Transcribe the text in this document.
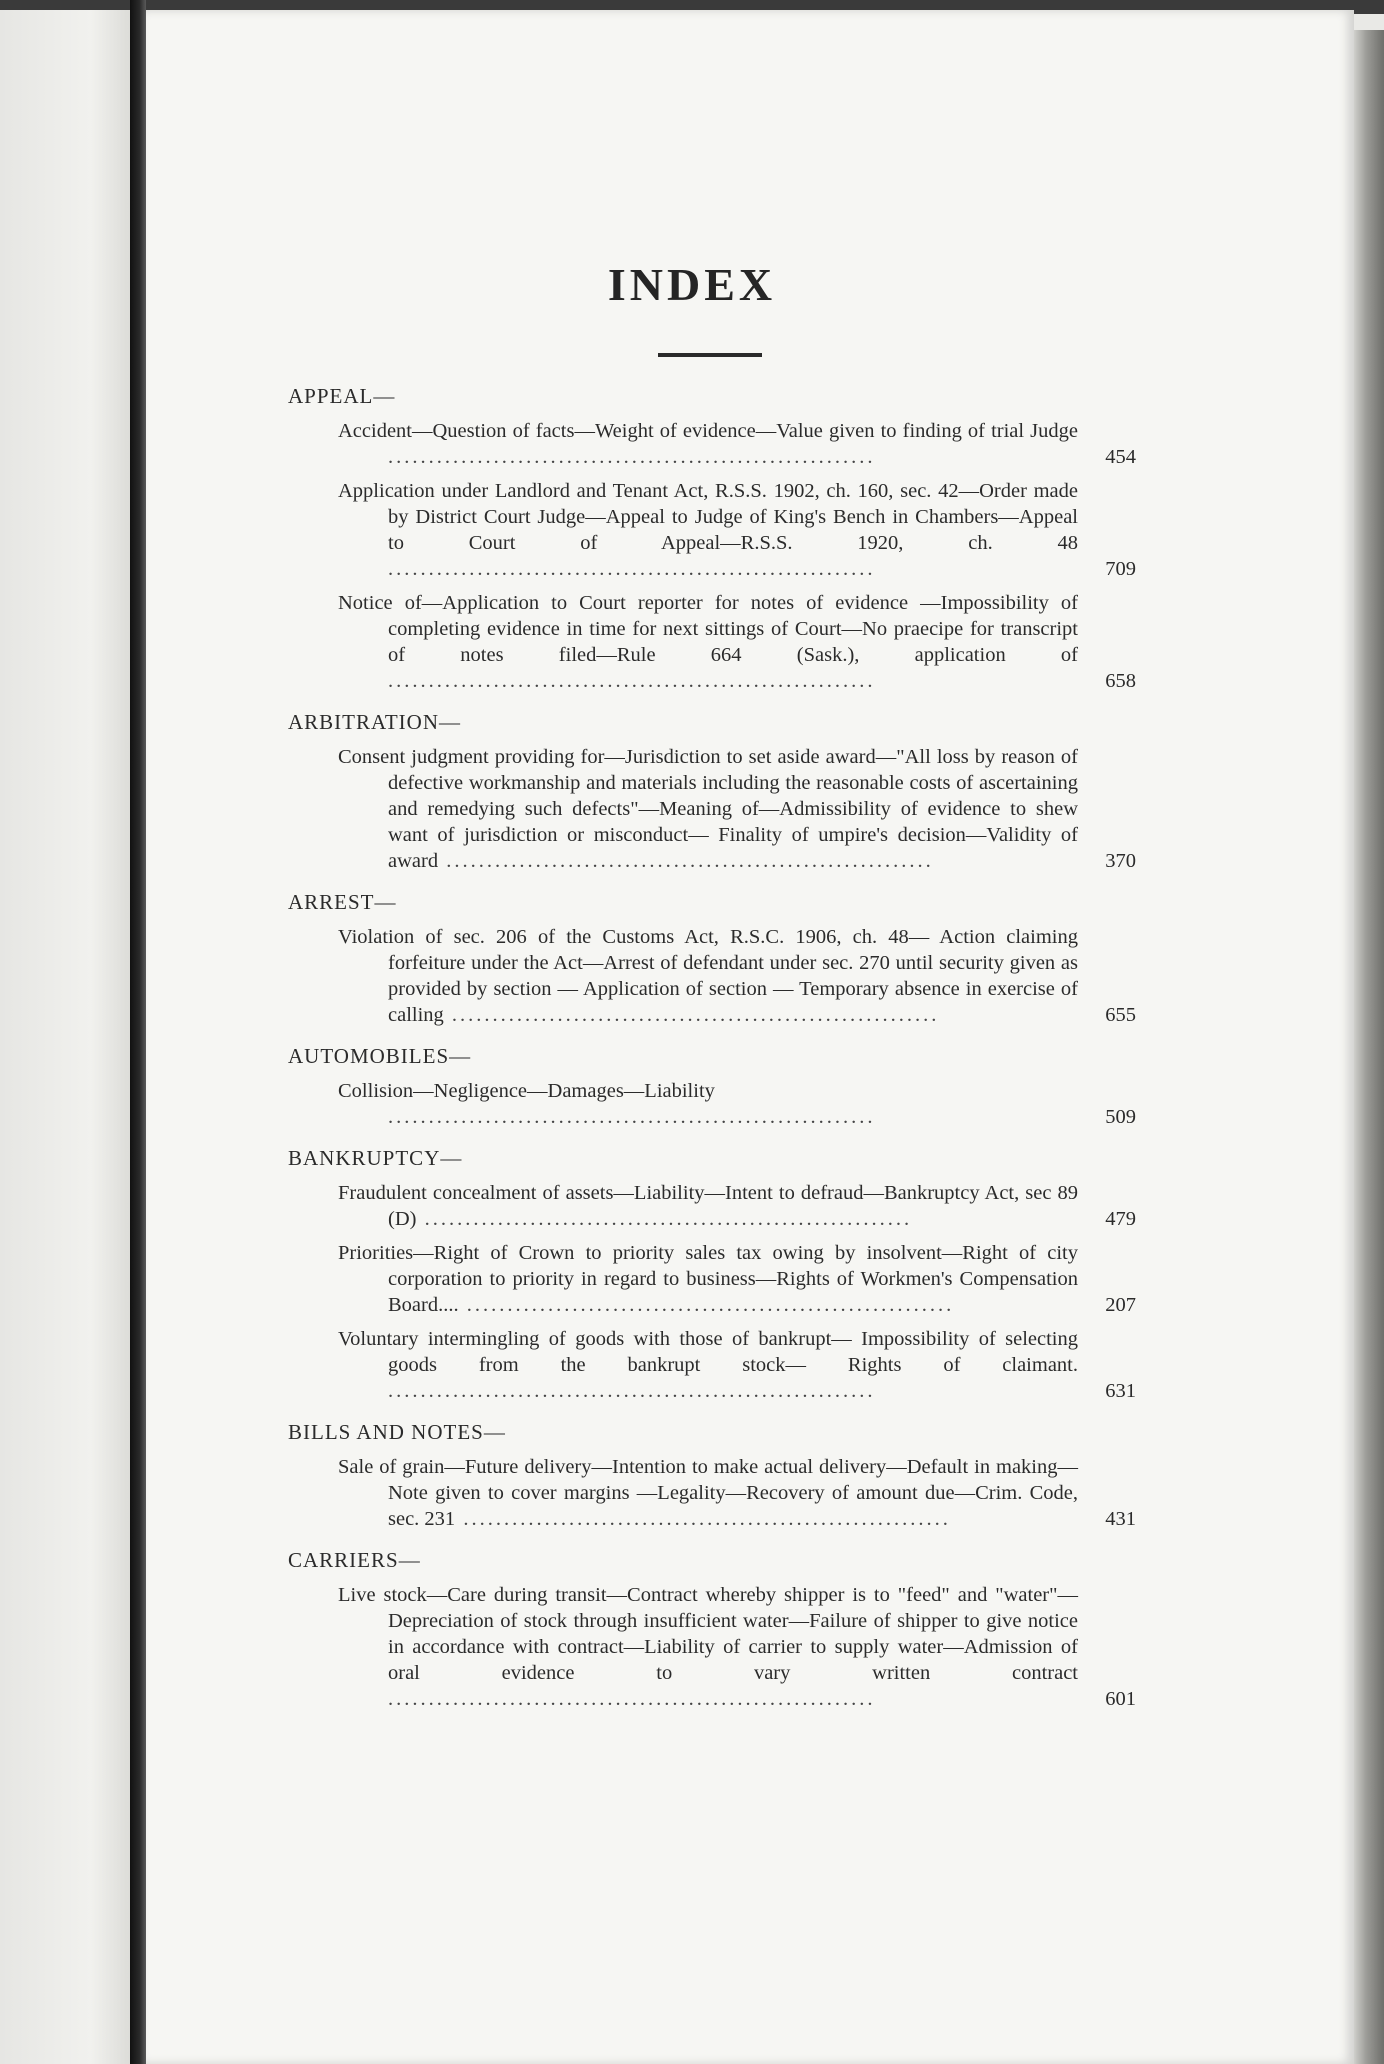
INDEX
APPEAL—
Accident—Question of facts—Weight of evidence—Value given to finding of trial Judge ............................................................	454
Application under Landlord and Tenant Act, R.S.S. 1902, ch. 160, sec. 42—Order made by District Court Judge—Appeal to Judge of King's Bench in Chambers—Appeal to Court of Appeal—R.S.S. 1920, ch. 48 ............................................................	709
Notice of—Application to Court reporter for notes of evidence —Impossibility of completing evidence in time for next sittings of Court—No praecipe for transcript of notes filed—Rule 664 (Sask.), application of ............................................................	658
ARBITRATION—
Consent judgment providing for—Jurisdiction to set aside award—"All loss by reason of defective workmanship and materials including the reasonable costs of ascertaining and remedying such defects"—Meaning of—Admissibility of evidence to shew want of jurisdiction or misconduct— Finality of umpire's decision—Validity of award ............................................................	370
ARREST—
Violation of sec. 206 of the Customs Act, R.S.C. 1906, ch. 48— Action claiming forfeiture under the Act—Arrest of defendant under sec. 270 until security given as provided by section — Application of section — Temporary absence in exercise of calling ............................................................	655
AUTOMOBILES—
Collision—Negligence—Damages—Liability ............................................................	509
BANKRUPTCY—
Fraudulent concealment of assets—Liability—Intent to defraud—Bankruptcy Act, sec 89 (D) ............................................................	479
Priorities—Right of Crown to priority sales tax owing by insolvent—Right of city corporation to priority in regard to business—Rights of Workmen's Compensation Board.... ............................................................	207
Voluntary intermingling of goods with those of bankrupt— Impossibility of selecting goods from the bankrupt stock— Rights of claimant. ............................................................	631
BILLS AND NOTES—
Sale of grain—Future delivery—Intention to make actual delivery—Default in making—Note given to cover margins —Legality—Recovery of amount due—Crim. Code, sec. 231 ............................................................	431
CARRIERS—
Live stock—Care during transit—Contract whereby shipper is to "feed" and "water"—Depreciation of stock through insufficient water—Failure of shipper to give notice in accordance with contract—Liability of carrier to supply water—Admission of oral evidence to vary written contract ............................................................	601
